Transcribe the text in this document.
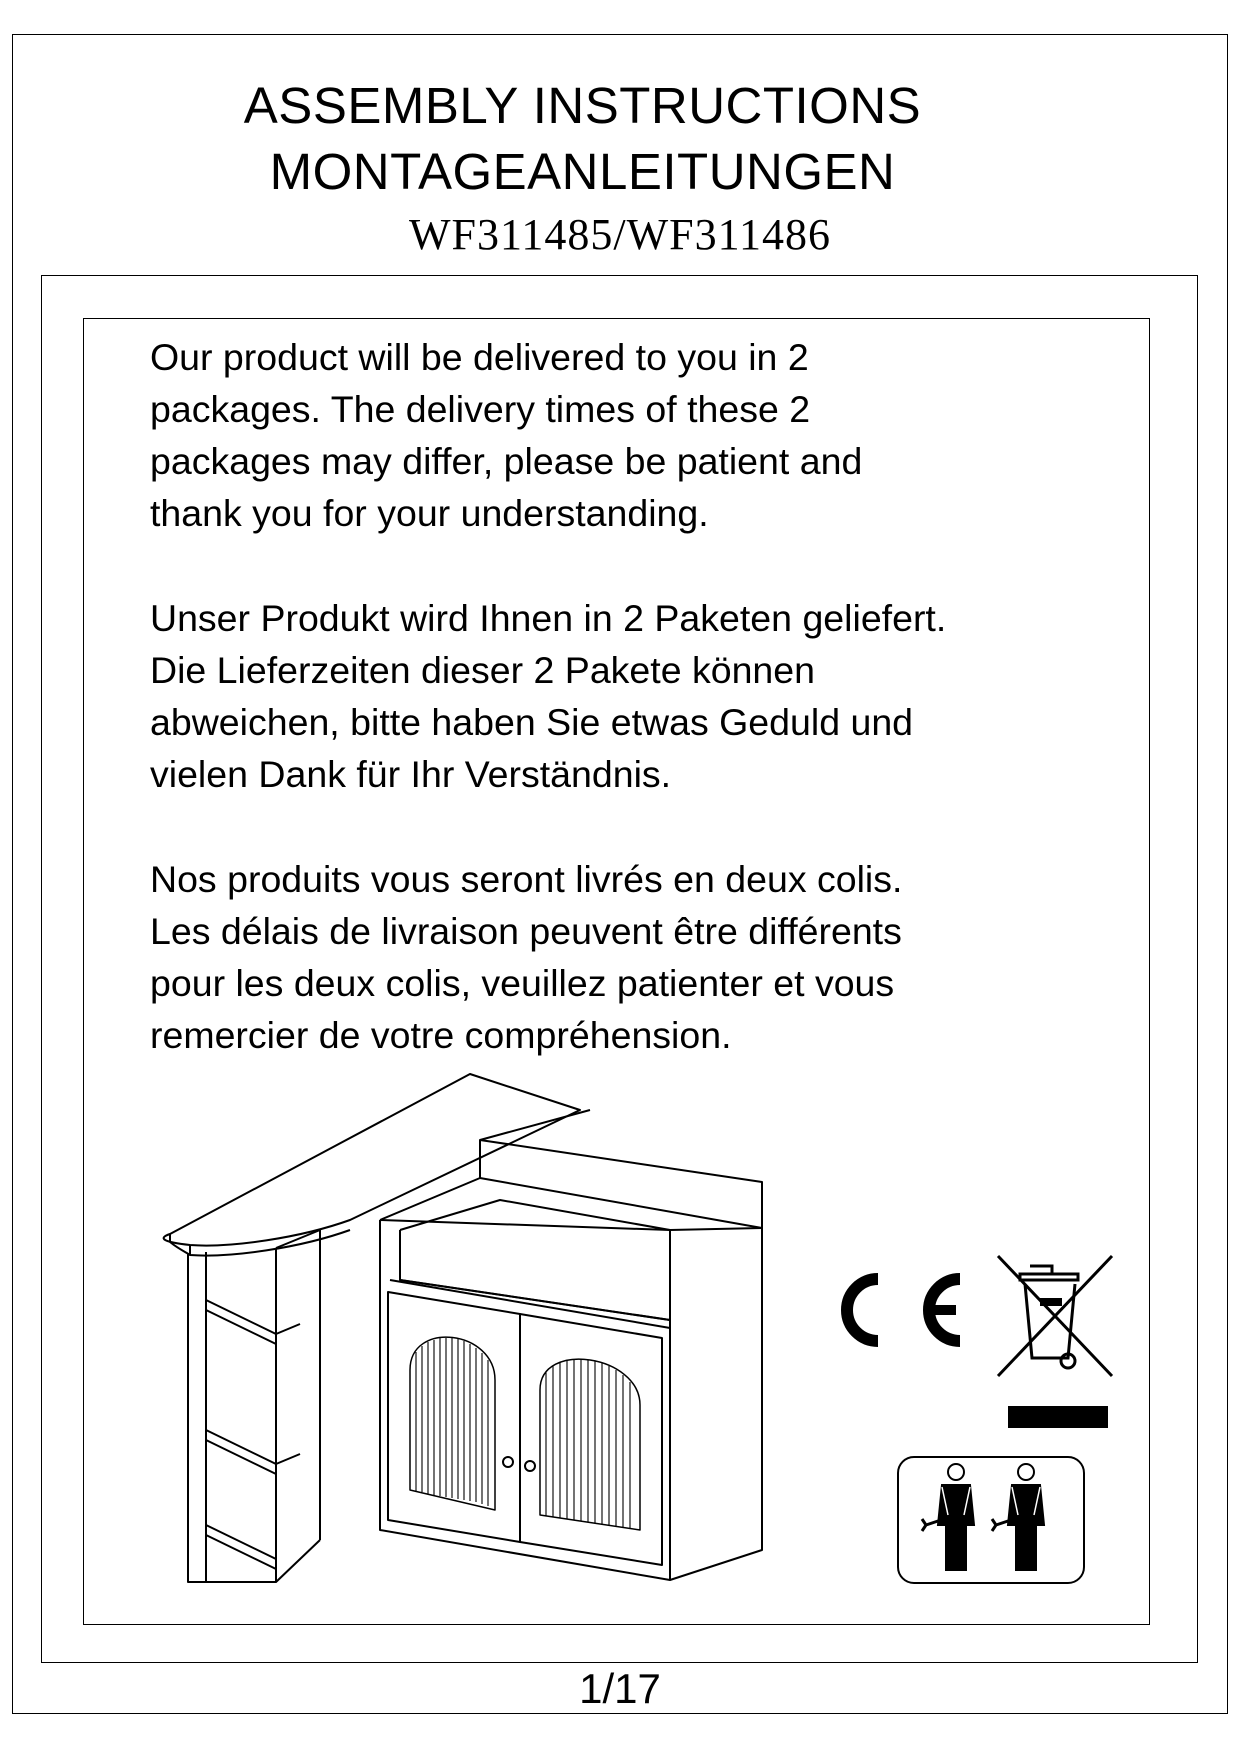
ASSEMBLY INSTRUCTIONS
MONTAGEANLEITUNGEN
WF311485/WF311486
Our product will be delivered to you in 2
packages. The delivery times of these 2
packages may differ, please be patient and
thank you for your understanding.
Unser Produkt wird Ihnen in 2 Paketen geliefert.
Die Lieferzeiten dieser 2 Pakete können
abweichen, bitte haben Sie etwas Geduld und
vielen Dank für Ihr Verständnis.
Nos produits vous seront livrés en deux colis.
Les délais de livraison peuvent être différents
pour les deux colis, veuillez patienter et vous
remercier de votre compréhension.
1/17
